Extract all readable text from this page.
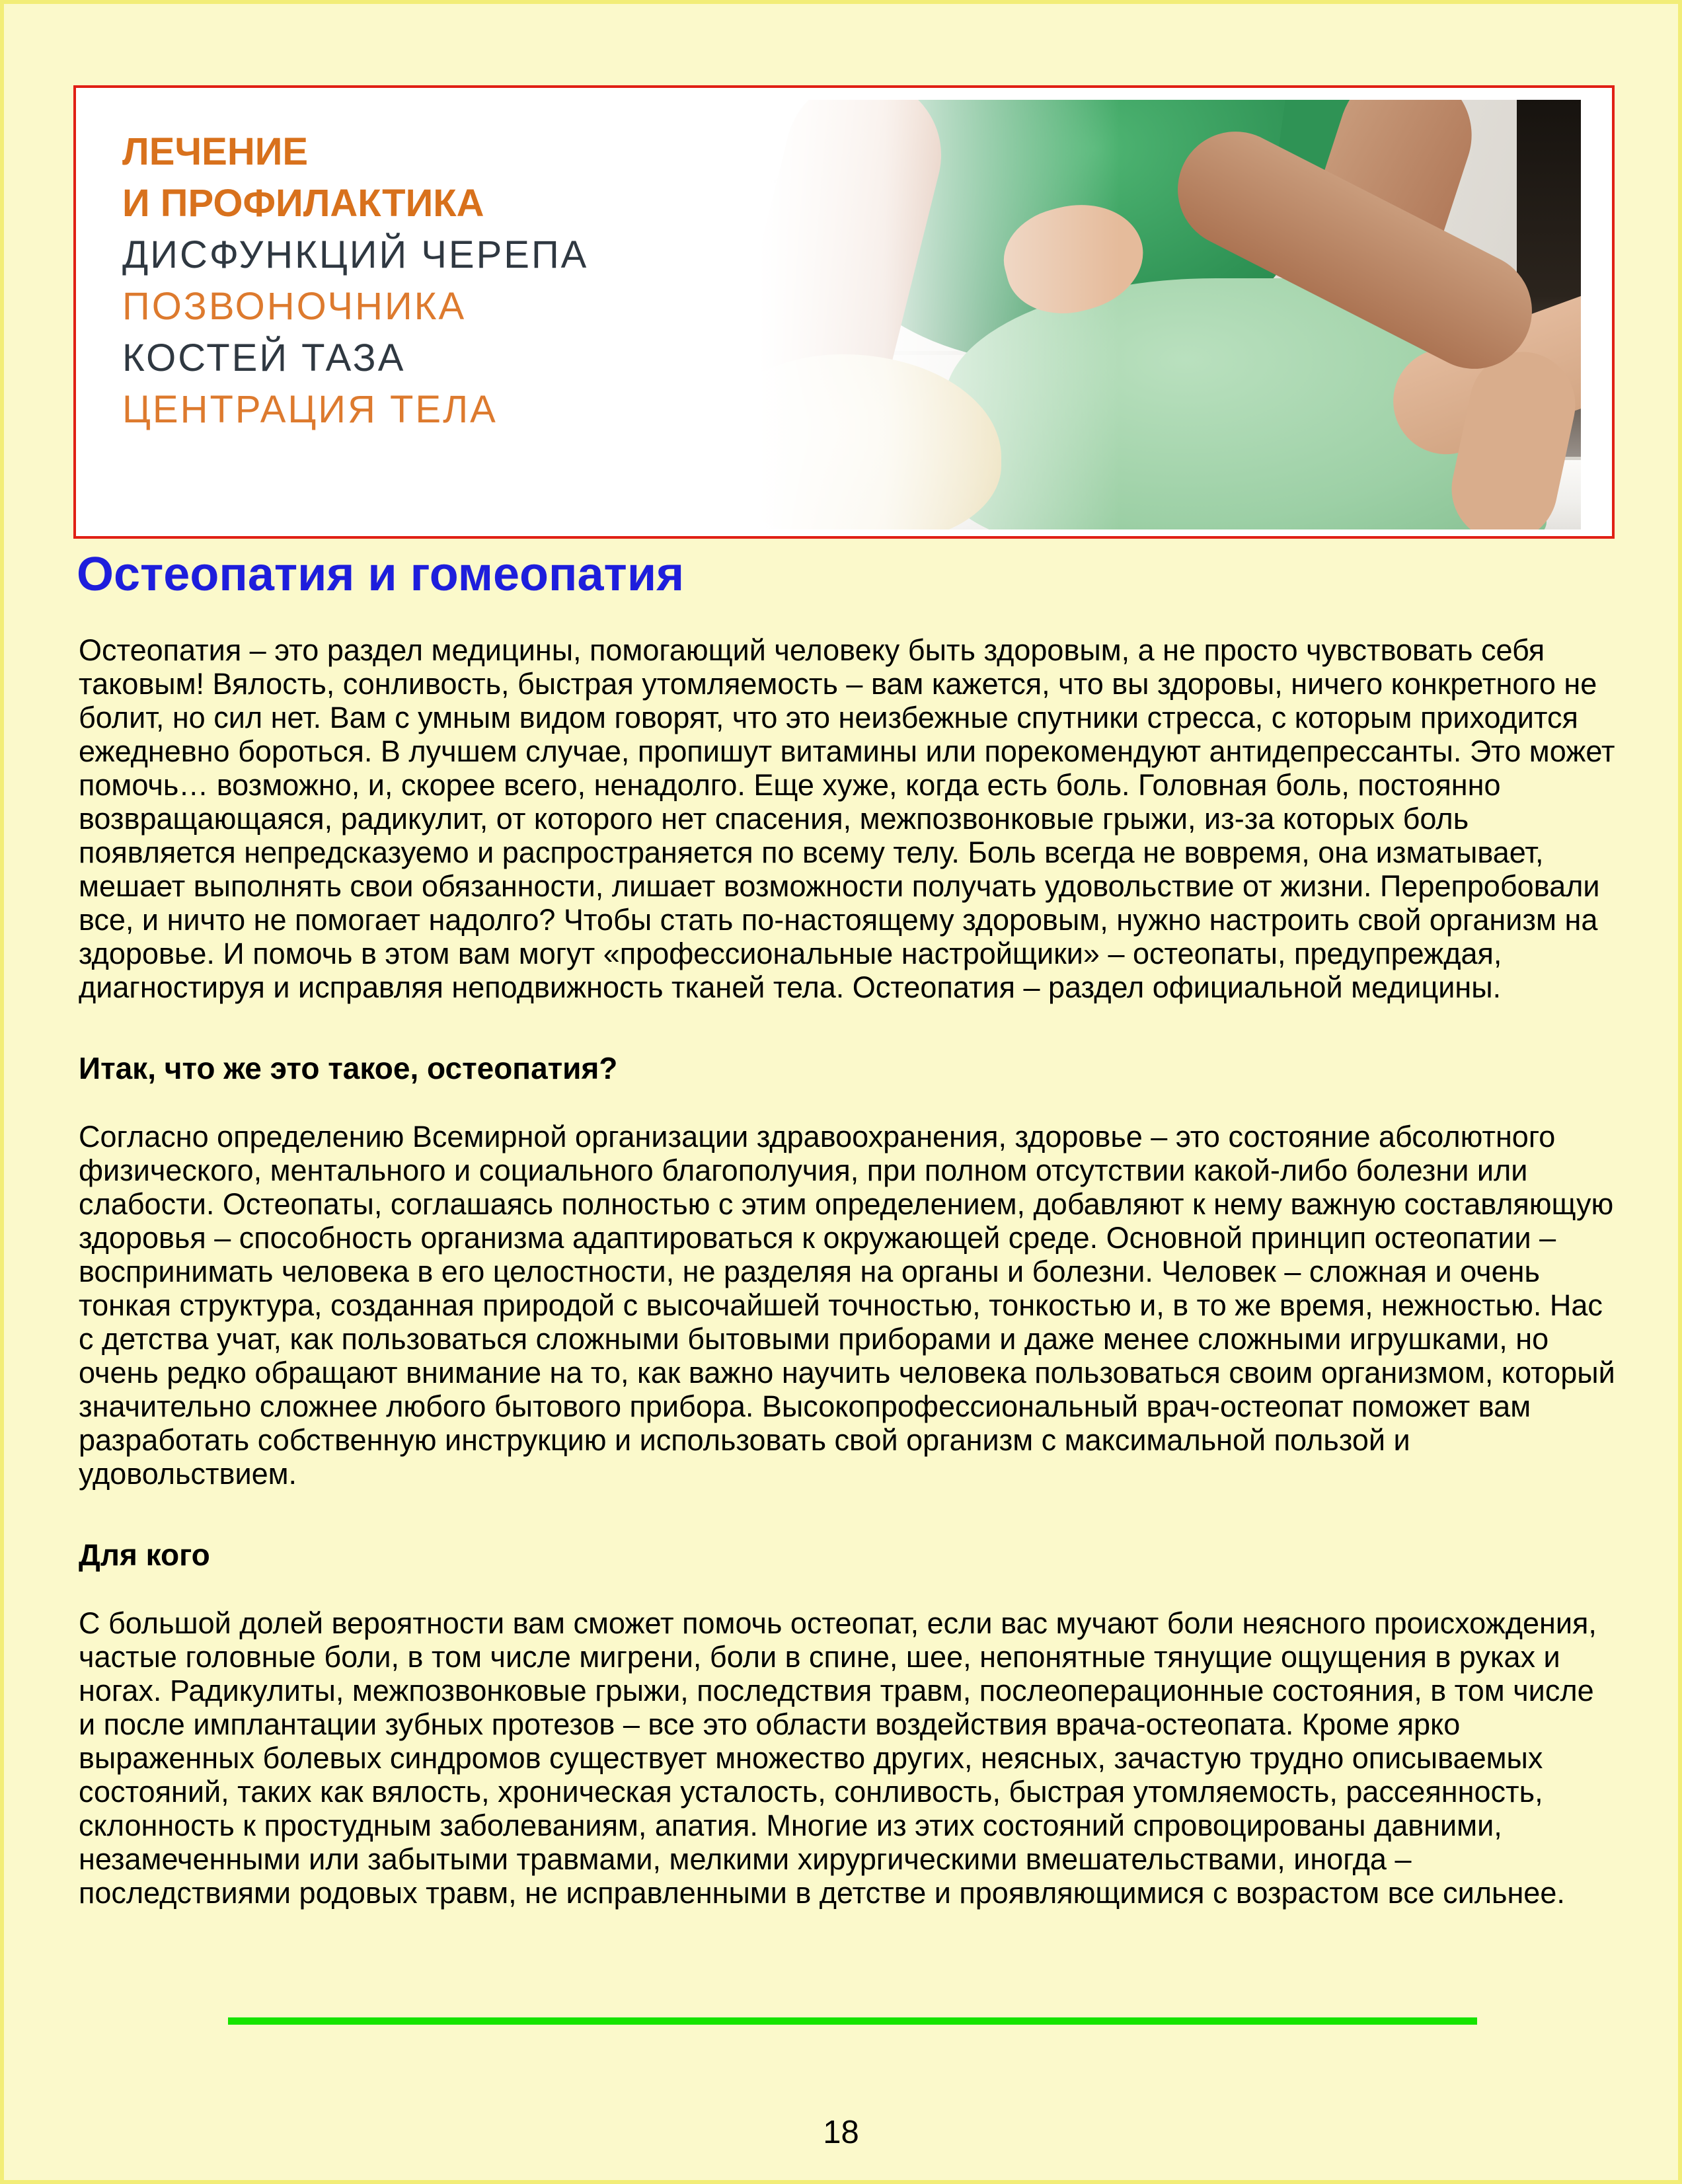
ЛЕЧЕНИЕ
И ПРОФИЛАКТИКА
ДИСФУНКЦИЙ ЧЕРЕПА
ПОЗВОНОЧНИКА
КОСТЕЙ ТАЗА
ЦЕНТРАЦИЯ ТЕЛА
Остеопатия и гомеопатия

Остеопатия – это раздел медицины, помогающий человеку быть здоровым, а не просто чувствовать себя таковым! Вялость, сонливость, быстрая утомляемость – вам кажется, что вы здоровы, ничего конкретного не болит, но сил нет. Вам с умным видом говорят, что это неизбежные спутники стресса, с которым приходится ежедневно бороться. В лучшем случае, пропишут витамины или порекомендуют антидепрессанты. Это может помочь… возможно, и, скорее всего, ненадолго. Еще хуже, когда есть боль. Головная боль, постоянно возвращающаяся, радикулит, от которого нет спасения, межпозвонковые грыжи, из-за которых боль появляется непредсказуемо и распространяется по всему телу. Боль всегда не вовремя, она изматывает, мешает выполнять свои обязанности, лишает возможности получать удовольствие от жизни. Перепробовали все, и ничто не помогает надолго? Чтобы стать по-настоящему здоровым, нужно настроить свой организм на здоровье. И помочь в этом вам могут «профессиональные настройщики» – остеопаты, предупреждая, диагностируя и исправляя неподвижность тканей тела. Остеопатия – раздел официальной медицины.

Итак, что же это такое, остеопатия?

Согласно определению Всемирной организации здравоохранения, здоровье – это состояние абсолютного физического, ментального и социального благополучия, при полном отсутствии какой-либо болезни или слабости. Остеопаты, соглашаясь полностью с этим определением, добавляют к нему важную составляющую здоровья – способность организма адаптироваться к окружающей среде. Основной принцип остеопатии – воспринимать человека в его целостности, не разделяя на органы и болезни. Человек – сложная и очень тонкая структура, созданная природой с высочайшей точностью, тонкостью и, в то же время, нежностью. Нас с детства учат, как пользоваться сложными бытовыми приборами и даже менее сложными игрушками, но очень редко обращают внимание на то, как важно научить человека пользоваться своим организмом, который значительно сложнее любого бытового прибора. Высокопрофессиональный врач-остеопат поможет вам разработать собственную инструкцию и использовать свой организм с максимальной пользой и удовольствием.

Для кого

С большой долей вероятности вам сможет помочь остеопат, если вас мучают боли неясного происхождения, частые головные боли, в том числе мигрени, боли в спине, шее, непонятные тянущие ощущения в руках и ногах. Радикулиты, межпозвонковые грыжи, последствия травм, послеоперационные состояния, в том числе и после имплантации зубных протезов – все это области воздействия врача-остеопата. Кроме ярко выраженных болевых синдромов существует множество других, неясных, зачастую трудно описываемых состояний, таких как вялость, хроническая усталость, сонливость, быстрая утомляемость, рассеянность, склонность к простудным заболеваниям, апатия. Многие из этих состояний спровоцированы давними, незамеченными или забытыми травмами, мелкими хирургическими вмешательствами, иногда – последствиями родовых травм, не исправленными в детстве и проявляющимися с возрастом все сильнее.

18
